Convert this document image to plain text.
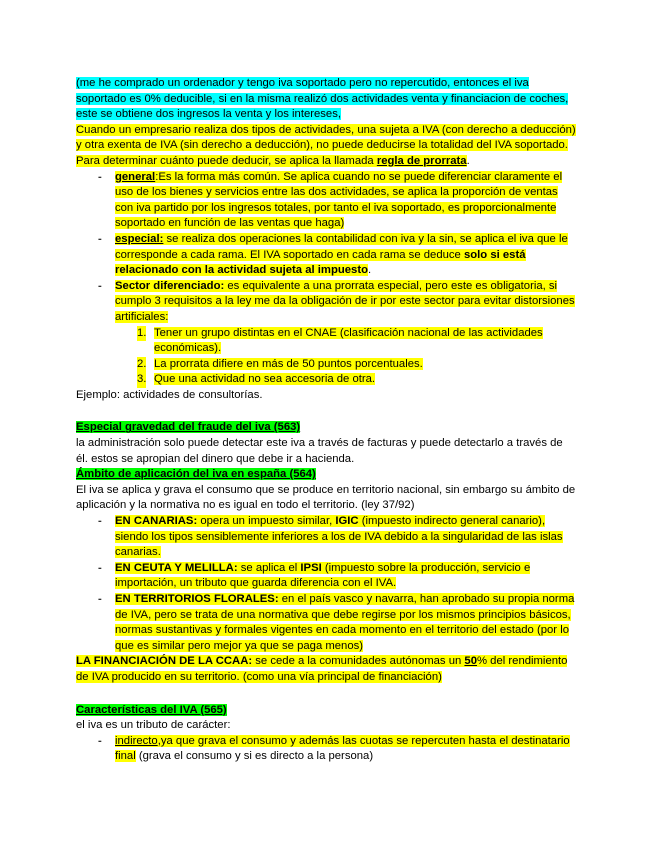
(me he comprado un ordenador y tengo iva soportado pero no repercutido, entonces el iva soportado es 0% deducible, si en la misma realizó dos actividades venta y financiacion de coches, este se obtiene dos ingresos la venta y los intereses,

Cuando un empresario realiza dos tipos de actividades, una sujeta a IVA (con derecho a deducción) y otra exenta de IVA (sin derecho a deducción), no puede deducirse la totalidad del IVA soportado. Para determinar cuánto puede deducir, se aplica la llamada regla de prorrata.

- general:Es la forma más común. Se aplica cuando no se puede diferenciar claramente el uso de los bienes y servicios entre las dos actividades, se aplica la proporción de ventas con iva partido por los ingresos totales, por tanto el iva soportado, es proporcionalmente soportado en función de las ventas que haga)
- especial: se realiza dos operaciones la contabilidad con iva y la sin, se aplica el iva que le corresponde a cada rama. El IVA soportado en cada rama se deduce solo si está relacionado con la actividad sujeta al impuesto.
- Sector diferenciado: es equivalente a una prorrata especial, pero este es obligatoria, si cumplo 3 requisitos a la ley me da la obligación de ir por este sector para evitar distorsiones artificiales:
1. Tener un grupo distintas en el CNAE (clasificación nacional de las actividades económicas).
2. La prorrata difiere en más de 50 puntos porcentuales.
3. Que una actividad no sea accesoria de otra.

Ejemplo: actividades de consultorías.

Especial gravedad del fraude del iva (563)

la administración solo puede detectar este iva a través de facturas y puede detectarlo a través de él. estos se apropian del dinero que debe ir a hacienda.

Ámbito de aplicación del iva en españa (564)

El iva se aplica y grava el consumo que se produce en territorio nacional, sin embargo su ámbito de aplicación y la normativa no es igual en todo el territorio. (ley 37/92)

- EN CANARIAS: opera un impuesto similar, IGIC (impuesto indirecto general canario), siendo los tipos sensiblemente inferiores a los de IVA debido a la singularidad de las islas canarias.
- EN CEUTA Y MELILLA: se aplica el IPSI (impuesto sobre la producción, servicio e importación, un tributo que guarda diferencia con el IVA.
- EN TERRITORIOS FLORALES: en el país vasco y navarra, han aprobado su propia norma de IVA, pero se trata de una normativa que debe regirse por los mismos principios básicos, normas sustantivas y formales vigentes en cada momento en el territorio del estado (por lo que es similar pero mejor ya que se paga menos)

LA FINANCIACIÓN DE LA CCAA: se cede a la comunidades autónomas un 50% del rendimiento de IVA producido en su territorio. (como una vía principal de financiación)

Características del IVA (565)

el iva es un tributo de carácter:

- indirecto,ya que grava el consumo y además las cuotas se repercuten hasta el destinatario final (grava el consumo y si es directo a la persona)
